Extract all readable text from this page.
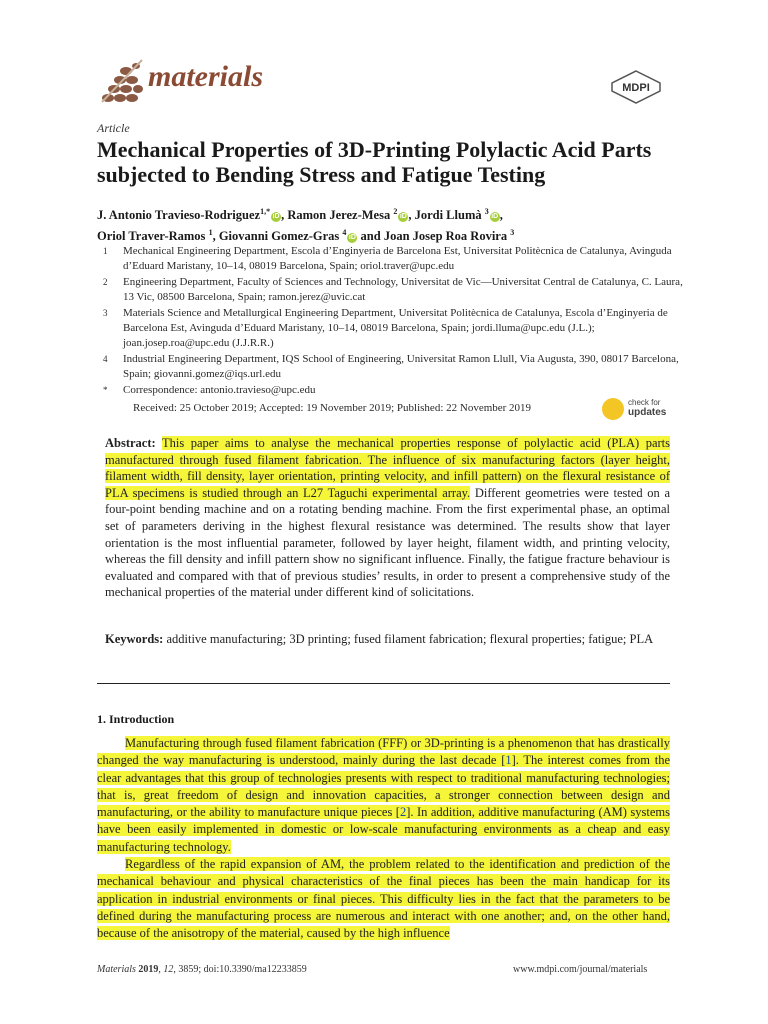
materials	MDPI
Article
Mechanical Properties of 3D-Printing Polylactic Acid Parts subjected to Bending Stress and Fatigue Testing
J. Antonio Travieso-Rodriguez$^{1,*}$iD , Ramon Jerez-Mesa $^2$iD , Jordi Llumà $^3$iD ,
Oriol Traver-Ramos $^1$, Giovanni Gomez-Gras $^4$iD and Joan Josep Roa Rovira $^3$
1	Mechanical Engineering Department, Escola d’Enginyeria de Barcelona Est, Universitat Politècnica de Catalunya, Avinguda d’Eduard Maristany, 10–14, 08019 Barcelona, Spain; oriol.traver@upc.edu
2	Engineering Department, Faculty of Sciences and Technology, Universitat de Vic—Universitat Central de Catalunya, C. Laura, 13 Vic, 08500 Barcelona, Spain; ramon.jerez@uvic.cat
3	Materials Science and Metallurgical Engineering Department, Universitat Politècnica de Catalunya, Escola d’Enginyeria de Barcelona Est, Avinguda d’Eduard Maristany, 10–14, 08019 Barcelona, Spain; jordi.lluma@upc.edu (J.L.); joan.josep.roa@upc.edu (J.J.R.R.)
4	Industrial Engineering Department, IQS School of Engineering, Universitat Ramon Llull, Via Augusta, 390, 08017 Barcelona, Spain; giovanni.gomez@iqs.url.edu
*	Correspondence: antonio.travieso@upc.edu
Received: 25 October 2019; Accepted: 19 November 2019; Published: 22 November 2019	check for
updates
Abstract: This paper aims to analyse the mechanical properties response of polylactic acid (PLA) parts manufactured through fused filament fabrication. The influence of six manufacturing factors (layer height, filament width, fill density, layer orientation, printing velocity, and infill pattern) on the flexural resistance of PLA specimens is studied through an L27 Taguchi experimental array. Different geometries were tested on a four-point bending machine and on a rotating bending machine. From the first experimental phase, an optimal set of parameters deriving in the highest flexural resistance was determined. The results show that layer orientation is the most influential parameter, followed by layer height, filament width, and printing velocity, whereas the fill density and infill pattern show no significant influence. Finally, the fatigue fracture behaviour is evaluated and compared with that of previous studies’ results, in order to present a comprehensive study of the mechanical properties of the material under different kind of solicitations.
Keywords: additive manufacturing; 3D printing; fused filament fabrication; flexural properties; fatigue; PLA
1. Introduction

Manufacturing through fused filament fabrication (FFF) or 3D-printing is a phenomenon that has drastically changed the way manufacturing is understood, mainly during the last decade [1]. The interest comes from the clear advantages that this group of technologies presents with respect to traditional manufacturing technologies; that is, great freedom of design and innovation capacities, a stronger connection between design and manufacturing, or the ability to manufacture unique pieces [2]. In addition, additive manufacturing (AM) systems have been easily implemented in domestic or low-scale manufacturing environments as a cheap and easy manufacturing technology.

Regardless of the rapid expansion of AM, the problem related to the identification and prediction of the mechanical behaviour and physical characteristics of the final pieces has been the main handicap for its application in industrial environments or final pieces. This difficulty lies in the fact that the parameters to be defined during the manufacturing process are numerous and interact with one another; and, on the other hand, because of the anisotropy of the material, caused by the high influence

Materials 2019, 12, 3859; doi:10.3390/ma12233859	www.mdpi.com/journal/materials
